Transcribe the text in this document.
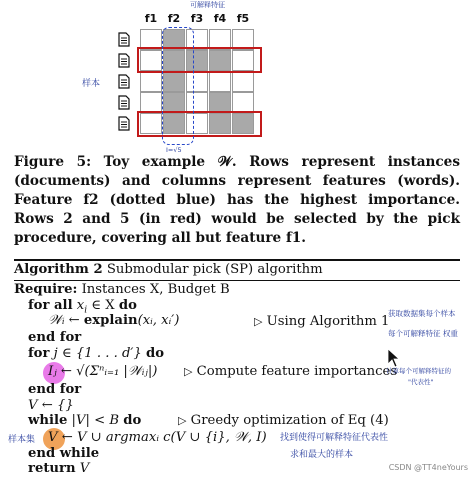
可解释特征
f1 f2 f3 f4 f5
样本
I=√5
Figure 5: Toy example 𝒲. Rows represent instances (documents) and columns represent features (words). Feature f2 (dotted blue) has the highest importance. Rows 2 and 5 (in red) would be selected by the pick procedure, covering all but feature f1.
Algorithm 2 Submodular pick (SP) algorithm
Require: Instances X, Budget B
for all $x_i$ ∈ X do
𝒲ᵢ ← explain(xᵢ, xᵢ′)	▷ Using Algorithm 1
end for
for j ∈ {1 . . . d′} do
Iⱼ ← √(Σⁿᵢ₌₁ |𝒲ᵢⱼ|) ▷ Compute feature importances
end for
V ← {}
while |V| < B do	▷ Greedy optimization of Eq (4)
V ← V ∪ argmaxᵢ c(V ∪ {i}, 𝒲, I)
end while
return V
获取数据集每个样本
每个可解释特征 权重
计算每个可解释特征的
"代表性"
找到使得可解释特征代表性
求和最大的样本
样本集
CSDN @TT4neYours
